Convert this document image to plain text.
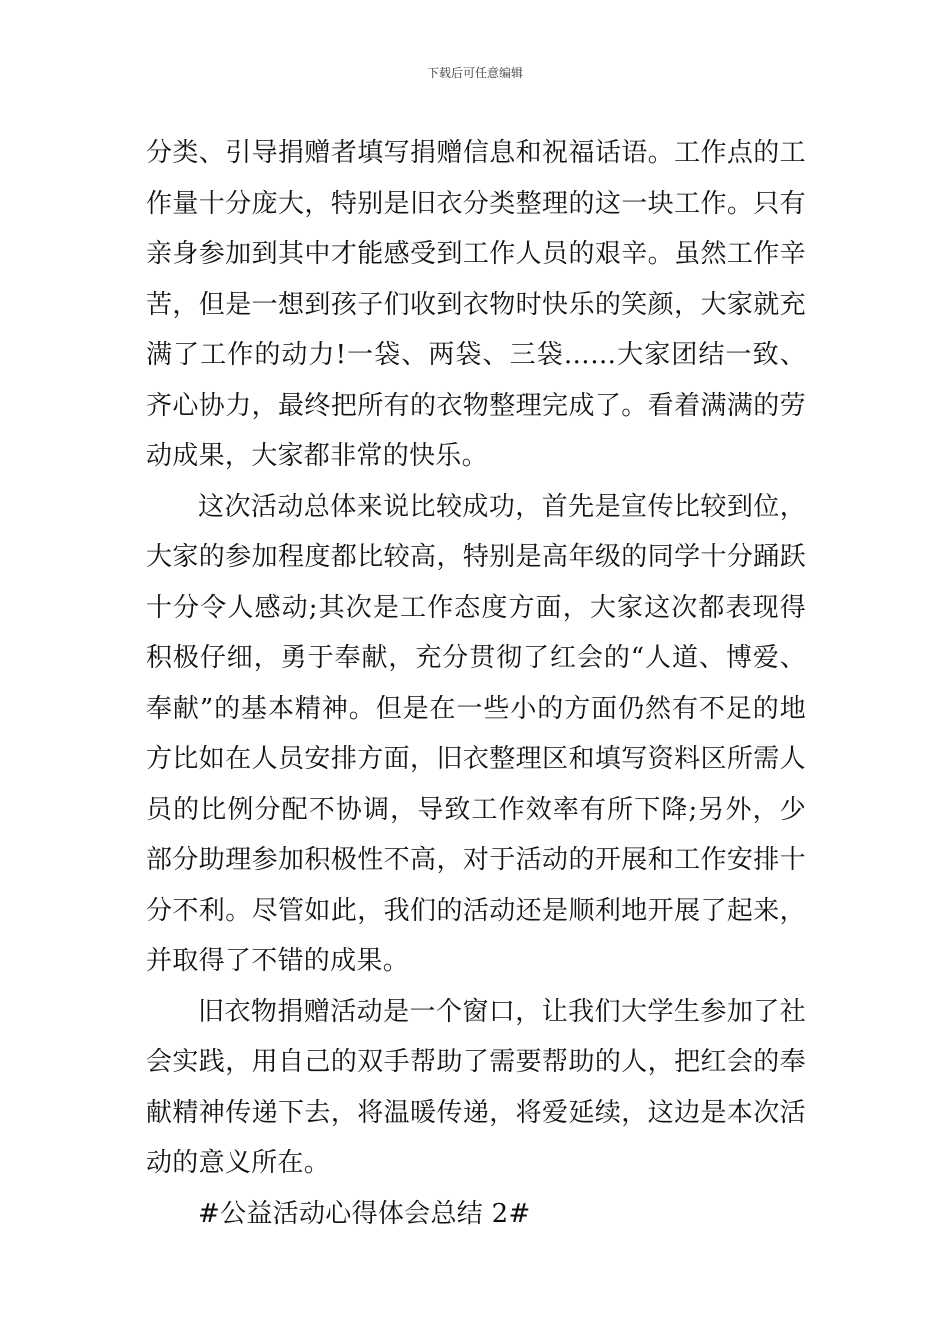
下载后可任意编辑

分类、引导捐赠者填写捐赠信息和祝福话语。工作点的工作量十分庞大，特别是旧衣分类整理的这一块工作。只有亲身参加到其中才能感受到工作人员的艰辛。虽然工作辛苦，但是一想到孩子们收到衣物时快乐的笑颜，大家就充满了工作的动力!一袋、两袋、三袋……大家团结一致、齐心协力，最终把所有的衣物整理完成了。看着满满的劳动成果，大家都非常的快乐。

这次活动总体来说比较成功，首先是宣传比较到位，大家的参加程度都比较高，特别是高年级的同学十分踊跃十分令人感动;其次是工作态度方面，大家这次都表现得积极仔细，勇于奉献，充分贯彻了红会的“人道、博爱、奉献”的基本精神。但是在一些小的方面仍然有不足的地方比如在人员安排方面，旧衣整理区和填写资料区所需人员的比例分配不协调，导致工作效率有所下降;另外，少部分助理参加积极性不高，对于活动的开展和工作安排十分不利。尽管如此，我们的活动还是顺利地开展了起来，并取得了不错的成果。

旧衣物捐赠活动是一个窗口，让我们大学生参加了社会实践，用自己的双手帮助了需要帮助的人，把红会的奉献精神传递下去，将温暖传递，将爱延续，这边是本次活动的意义所在。

#公益活动心得体会总结 2#
